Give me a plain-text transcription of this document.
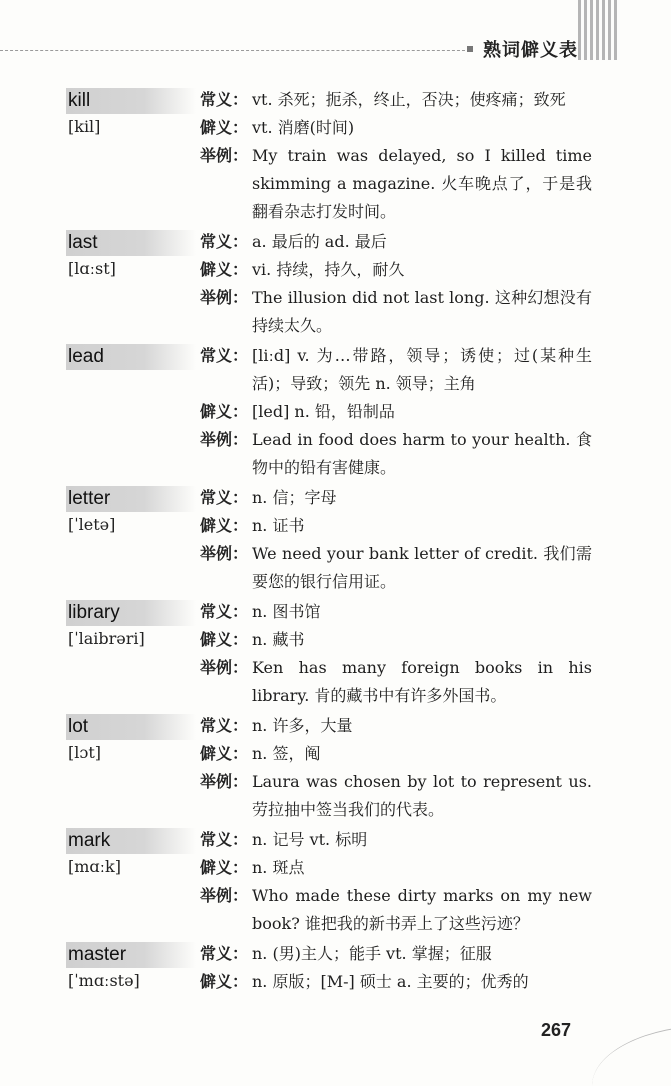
熟词僻义表
kill
[kil]
常义： vt. 杀死；扼杀，终止，否决；使疼痛；致死
僻义： vt. 消磨(时间)
举例： My train was delayed, so I killed time skimming a magazine. 火车晚点了，于是我翻看杂志打发时间。
last
[lɑːst]
常义： a. 最后的 ad. 最后
僻义： vi. 持续，持久，耐久
举例： The illusion did not last long. 这种幻想没有持续太久。
lead	常义： [liːd] v. 为…带路，领导；诱使；过(某种生活)；导致；领先 n. 领导；主角
僻义： [led] n. 铅，铅制品
举例： Lead in food does harm to your health. 食物中的铅有害健康。
letter
[ˈletə]
常义： n. 信；字母
僻义： n. 证书
举例： We need your bank letter of credit. 我们需要您的银行信用证。
library
[ˈlaibrəri]
常义： n. 图书馆
僻义： n. 藏书
举例： Ken has many foreign books in his library. 肯的藏书中有许多外国书。
lot
[lɔt]
常义： n. 许多，大量
僻义： n. 签，阄
举例： Laura was chosen by lot to represent us. 劳拉抽中签当我们的代表。
mark
[mɑːk]
常义： n. 记号 vt. 标明
僻义： n. 斑点
举例： Who made these dirty marks on my new book? 谁把我的新书弄上了这些污迹？
master
[ˈmɑːstə]
常义： n. (男)主人；能手 vt. 掌握；征服
僻义： n. 原版；[M-] 硕士 a. 主要的；优秀的
267
